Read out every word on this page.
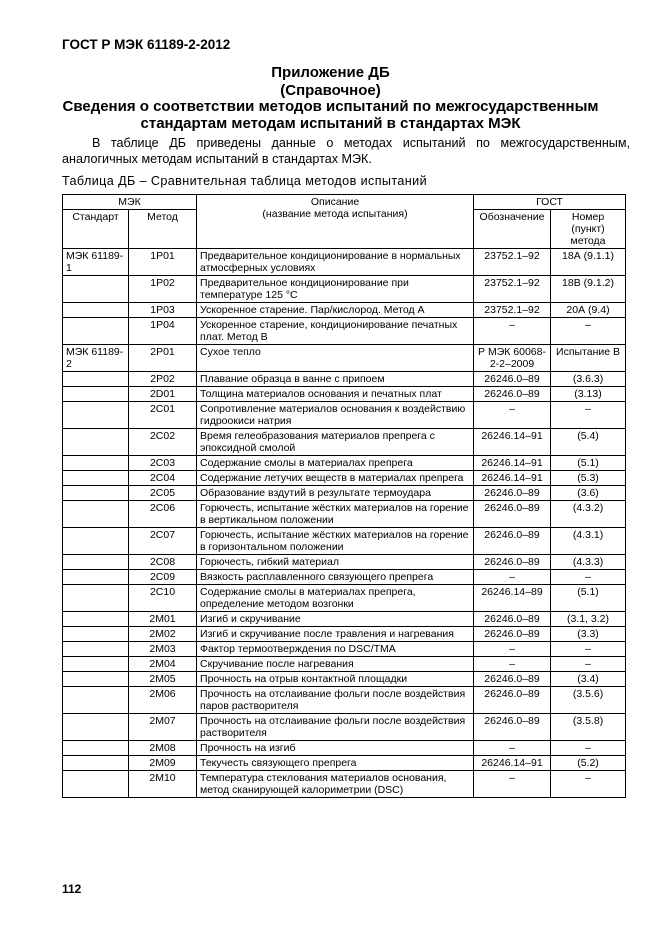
ГОСТ Р МЭК 61189-2-2012
Приложение ДБ
(Справочное)
Сведения о соответствии методов испытаний по межгосударственным
стандартам методам испытаний в стандартах МЭК
В таблице ДБ приведены данные о методах испытаний по межгосударственным,
аналогичных методам испытаний в стандартах МЭК.
Таблица ДБ – Сравнительная таблица методов испытаний
МЭК		Описание
(название метода испытания)	ГОСТ	
Стандарт	Метод		Обозначение	Номер (пункт) метода
МЭК 61189-1	1P01	Предварительное кондиционирование в нормальных атмосферных условиях	23752.1–92	18А (9.1.1)
	1P02	Предварительное кондиционирование при температуре 125 °С	23752.1–92	18В (9.1.2)
	1P03	Ускоренное старение. Пар/кислород. Метод А	23752.1–92	20А (9.4)
	1P04	Ускоренное старение, кондиционирование печатных плат. Метод В	–	–
МЭК 61189-2	2P01	Сухое тепло	Р МЭК 60068-2-2–2009	Испытание В
	2P02	Плавание образца в ванне с припоем	26246.0–89	(3.6.3)
	2D01	Толщина материалов основания и печатных плат	26246.0–89	(3.13)
	2C01	Сопротивление материалов основания к воздействию гидроокиси натрия	–	–
	2C02	Время гелеобразования материалов препрега с эпоксидной смолой	26246.14–91	(5.4)
	2C03	Содержание смолы в материалах препрега	26246.14–91	(5.1)
	2C04	Содержание летучих веществ в материалах препрега	26246.14–91	(5.3)
	2C05	Образование вздутий в результате термоудара	26246.0–89	(3.6)
	2C06	Горючесть, испытание жёстких материалов на горение в вертикальном положении	26246.0–89	(4.3.2)
	2C07	Горючесть, испытание жёстких материалов на горение в горизонтальном положении	26246.0–89	(4.3.1)
	2C08	Горючесть, гибкий материал	26246.0–89	(4.3.3)
	2C09	Вязкость расплавленного связующего препрега	–	–
	2C10	Содержание смолы в материалах препрега, определение методом возгонки	26246.14–89	(5.1)
	2M01	Изгиб и скручивание	26246.0–89	(3.1, 3.2)
	2M02	Изгиб и скручивание после травления и нагревания	26246.0–89	(3.3)
	2M03	Фактор термоотверждения по DSC/TMA	–	–
	2M04	Скручивание после нагревания	–	–
	2M05	Прочность на отрыв контактной площадки	26246.0–89	(3.4)
	2M06	Прочность на отслаивание фольги после воздействия паров растворителя	26246.0–89	(3.5.6)
	2M07	Прочность на отслаивание фольги после воздействия растворителя	26246.0–89	(3.5.8)
	2M08	Прочность на изгиб	–	–
	2M09	Текучесть связующего препрега	26246.14–91	(5.2)
	2M10	Температура стеклования материалов основания, метод сканирующей калориметрии (DSC)	–	–
112
